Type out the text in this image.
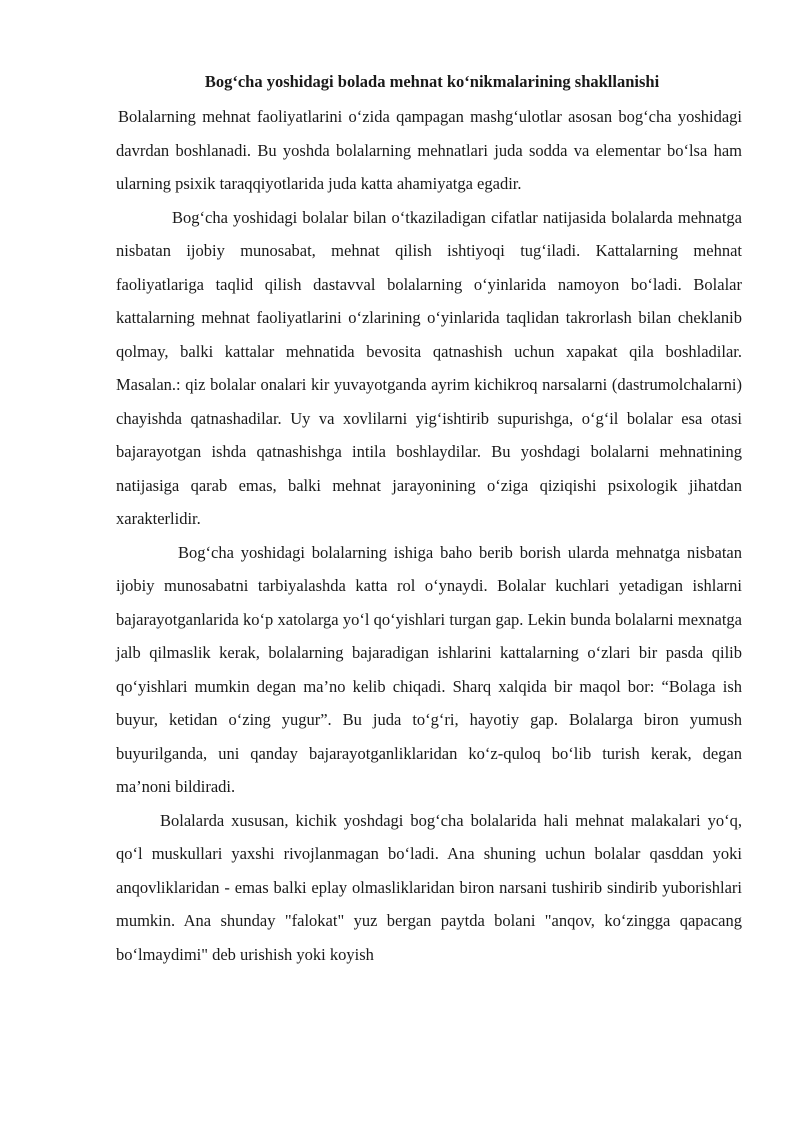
Bog‘cha yoshidagi bolada mehnat ko‘nikmalarining shakllanishi

Bolalarning mehnat faoliyatlarini o‘zida qampagan mashg‘ulotlar asosan bog‘cha yoshidagi davrdan boshlanadi. Bu yoshda bolalarning mehnatlari juda sodda va elementar bo‘lsa ham ularning psixik taraqqiyotlarida juda katta ahamiyatga egadir.

Bog‘cha yoshidagi bolalar bilan o‘tkaziladigan cifatlar natijasida bolalarda mehnatga nisbatan ijobiy munosabat, mehnat qilish ishtiyoqi tug‘iladi. Kattalarning mehnat faoliyatlariga taqlid qilish dastavval bolalarning o‘yinlarida namoyon bo‘ladi. Bolalar kattalarning mehnat faoliyatlarini o‘zlarining o‘yinlarida taqlidan takrorlash bilan cheklanib qolmay, balki kattalar mehnatida bevosita qatnashish uchun xapakat qila boshladilar. Masalan.: qiz bolalar onalari kir yuvayotganda ayrim kichikroq narsalarni (dastrumolchalarni) chayishda qatnashadilar. Uy va xovlilarni yig‘ishtirib supurishga, o‘g‘il bolalar esa otasi bajarayotgan ishda qatnashishga intila boshlaydilar. Bu yoshdagi bolalarni mehnatining natijasiga qarab emas, balki mehnat jarayonining o‘ziga qiziqishi psixologik jihatdan xarakterlidir.

Bog‘cha yoshidagi bolalarning ishiga baho berib borish ularda mehnatga nisbatan ijobiy munosabatni tarbiyalashda katta rol o‘ynaydi. Bolalar kuchlari yetadigan ishlarni bajarayotganlarida ko‘p xatolarga yo‘l qo‘yishlari turgan gap. Lekin bunda bolalarni mexnatga jalb qilmaslik kerak, bolalarning bajaradigan ishlarini kattalarning o‘zlari bir pasda qilib qo‘yishlari mumkin degan ma’no kelib chiqadi. Sharq xalqida bir maqol bor: “Bolaga ish buyur, ketidan o‘zing yugur”. Bu juda to‘g‘ri, hayotiy gap. Bolalarga biron yumush buyurilganda, uni qanday bajarayotganliklaridan ko‘z-quloq bo‘lib turish kerak, degan ma’noni bildiradi.

Bolalarda xususan, kichik yoshdagi bog‘cha bolalarida hali mehnat malakalari yo‘q, qo‘l muskullari yaxshi rivojlanmagan bo‘ladi. Ana shuning uchun bolalar qasddan yoki anqovliklaridan - emas balki eplay olmasliklaridan biron narsani tushirib sindirib yuborishlari mumkin. Ana shunday "falokat" yuz bergan paytda bolani "anqov, ko‘zingga qapacang bo‘lmaydimi" deb urishish yoki koyish
